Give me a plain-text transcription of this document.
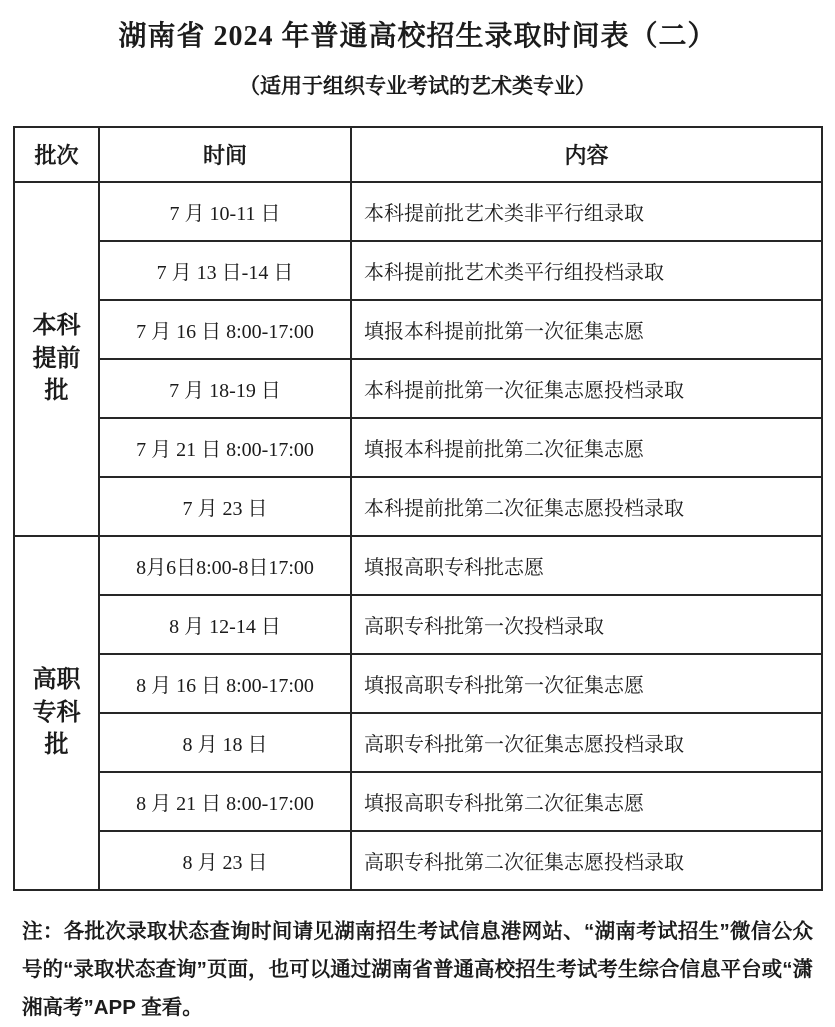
湖南省 2024 年普通高校招生录取时间表（二）
（适用于组织专业考试的艺术类专业）
批次	时间	内容
本科提前批	7 月 10-11 日	本科提前批艺术类非平行组录取
	7 月 13 日-14 日	本科提前批艺术类平行组投档录取
	7 月 16 日 8:00-17:00	填报本科提前批第一次征集志愿
	7 月 18-19 日	本科提前批第一次征集志愿投档录取
	7 月 21 日 8:00-17:00	填报本科提前批第二次征集志愿
	7 月 23 日	本科提前批第二次征集志愿投档录取
高职专科批	8月6日8:00-8日17:00	填报高职专科批志愿
	8 月 12-14 日	高职专科批第一次投档录取
	8 月 16 日 8:00-17:00	填报高职专科批第一次征集志愿
	8 月 18 日	高职专科批第一次征集志愿投档录取
	8 月 21 日 8:00-17:00	填报高职专科批第二次征集志愿
	8 月 23 日	高职专科批第二次征集志愿投档录取
注：各批次录取状态查询时间请见湖南招生考试信息港网站、“湖南考试招生”微信公众号的“录取状态查询”页面，也可以通过湖南省普通高校招生考试考生综合信息平台或“潇湘高考”APP 查看。
